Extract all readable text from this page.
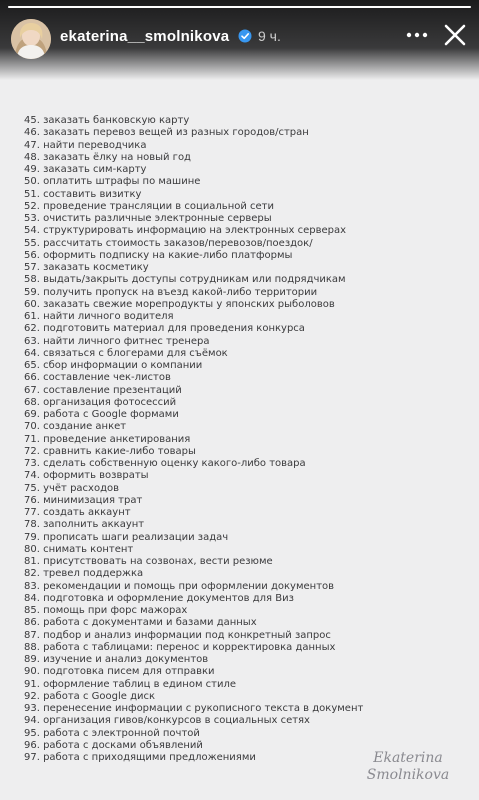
ekaterina__smolnikova 9 ч.
45. заказать банковскую карту
46. заказать перевоз вещей из разных городов/стран
47. найти переводчика
48. заказать ёлку на новый год
49. заказать сим-карту
50. оплатить штрафы по машине
51. составить визитку
52. проведение трансляции в социальной сети
53. очистить различные электронные серверы
54. структурировать информацию на электронных серверах
55. рассчитать стоимость заказов/перевозов/поездок/
56. оформить подписку на какие-либо платформы
57. заказать косметику
58. выдать/закрыть доступы сотрудникам или подрядчикам
59. получить пропуск на въезд какой-либо территории
60. заказать свежие морепродукты у японских рыболовов
61. найти личного водителя
62. подготовить материал для проведения конкурса
63. найти личного фитнес тренера
64. связаться с блогерами для съёмок
65. сбор информации о компании
66. составление чек-листов
67. составление презентаций
68. организация фотосессий
69. работа с Google формами
70. создание анкет
71. проведение анкетирования
72. сравнить какие-либо товары
73. сделать собственную оценку какого-либо товара
74. оформить возвраты
75. учёт расходов
76. минимизация трат
77. создать аккаунт
78. заполнить аккаунт
79. прописать шаги реализации задач
80. снимать контент
81. присутствовать на созвонах, вести резюме
82. тревел поддержка
83. рекомендации и помощь при оформлении документов
84. подготовка и оформление документов для Виз
85. помощь при форс мажорах
86. работа с документами и базами данных
87. подбор и анализ информации под конкретный запрос
88. работа с таблицами: перенос и корректировка данных
89. изучение и анализ документов
90. подготовка писем для отправки
91. оформление таблиц в едином стиле
92. работа с Google диск
93. перенесение информации с рукописного текста в документ
94. организация гивов/конкурсов в социальных сетях
95. работа с электронной почтой
96. работа с досками объявлений
97. работа с приходящими предложениями	Ekaterina
Smolnikova
